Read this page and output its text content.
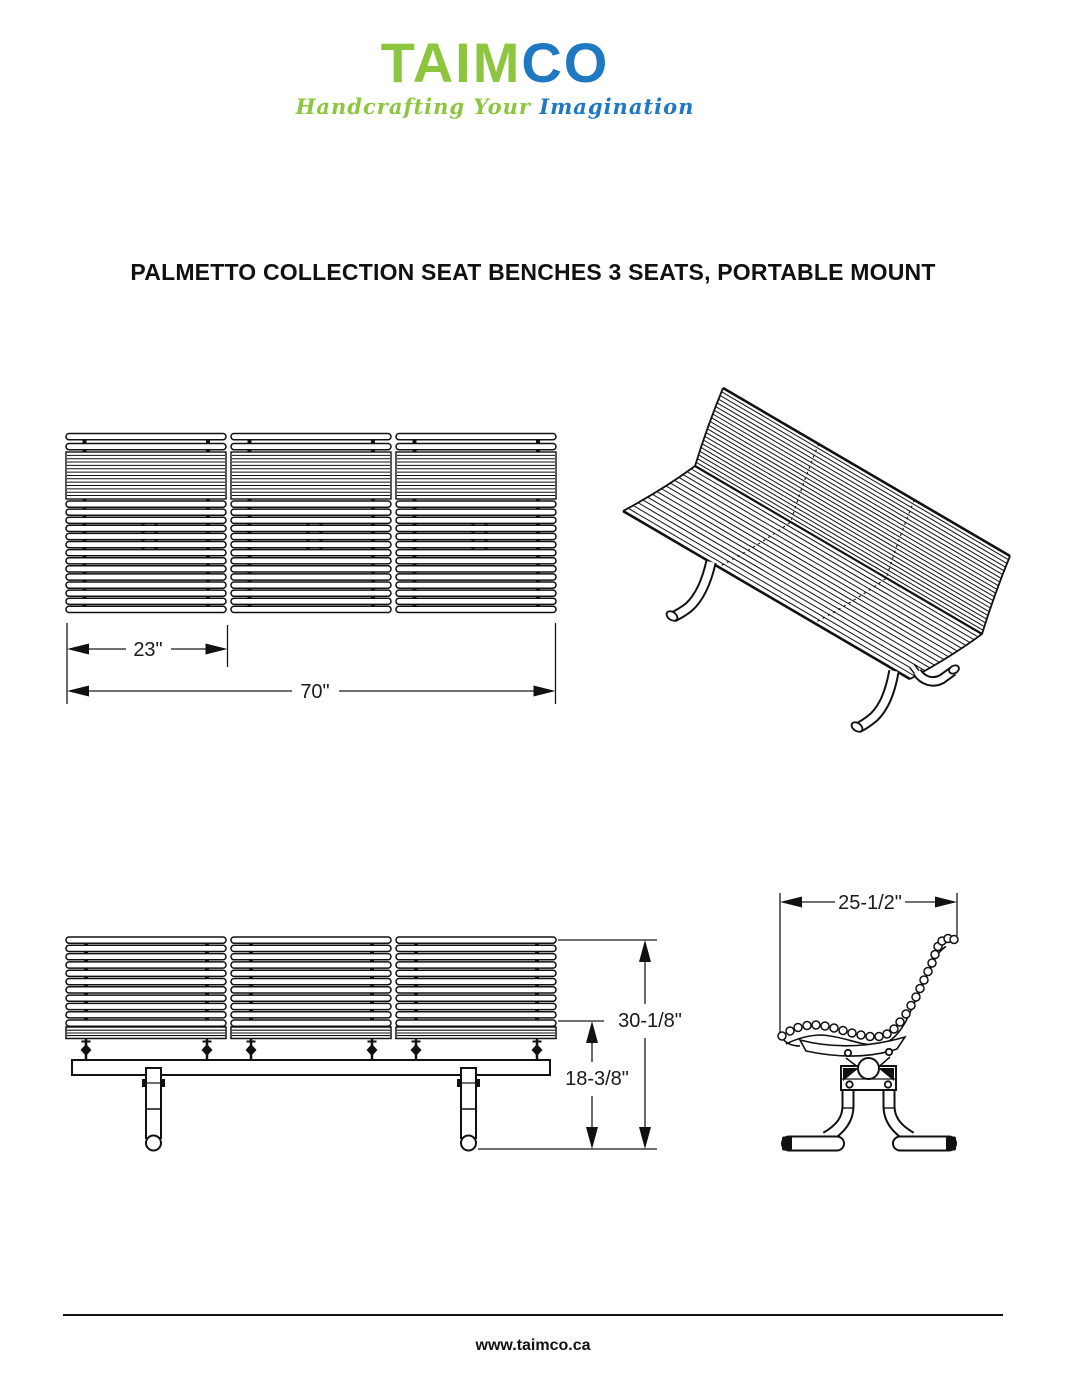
TAIMCO
Handcrafting Your Imagination
PALMETTO COLLECTION SEAT BENCHES 3 SEATS, PORTABLE MOUNT
23"
70"
30-1/8"
18-3/8"
25-1/2"
www.taimco.ca
